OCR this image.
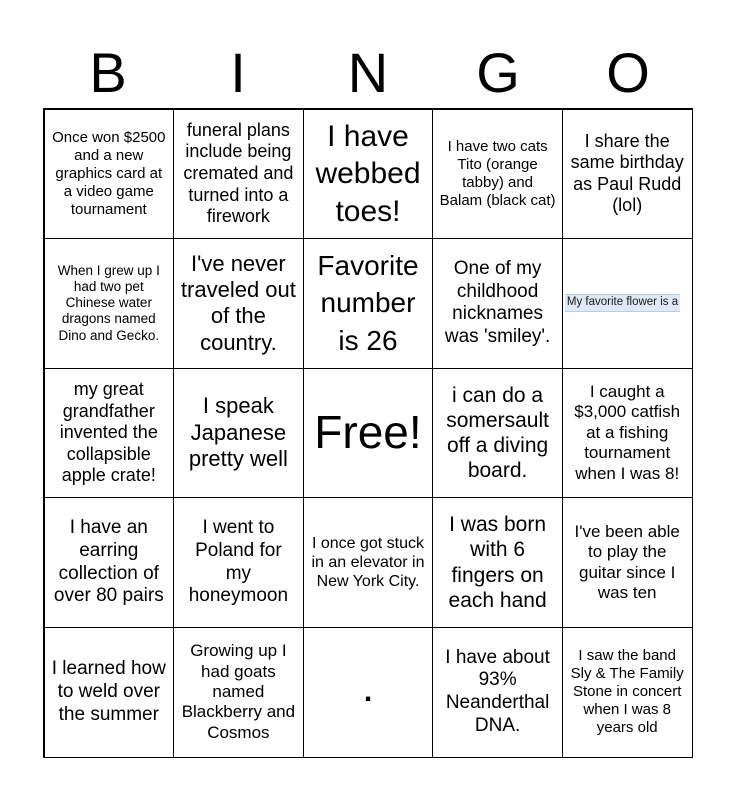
B	I	N	G	O
Once won $2500 and a new graphics card at a video game tournament
funeral plans include being cremated and turned into a firework
I have webbed toes!
I have two cats Tito (orange tabby) and Balam (black cat)
I share the same birthday as Paul Rudd (lol)
When I grew up I had two pet Chinese water dragons named Dino and Gecko.
I've never traveled out of the country.
Favorite number is 26
One of my childhood nicknames was 'smiley'.
My favorite flower is a
my great grandfather invented the collapsible apple crate!
I speak Japanese pretty well
Free!
i can do a somersault off a diving board.
I caught a $3,000 catfish at a fishing tournament when I was 8!
I have an earring collection of over 80 pairs
I went to Poland for my honeymoon
I once got stuck in an elevator in New York City.
I was born with 6 fingers on each hand
I've been able to play the guitar since I was ten
I learned how to weld over the summer
Growing up I had goats named Blackberry and Cosmos
.
I have about 93% Neanderthal DNA.
I saw the band Sly & The Family Stone in concert when I was 8 years old
